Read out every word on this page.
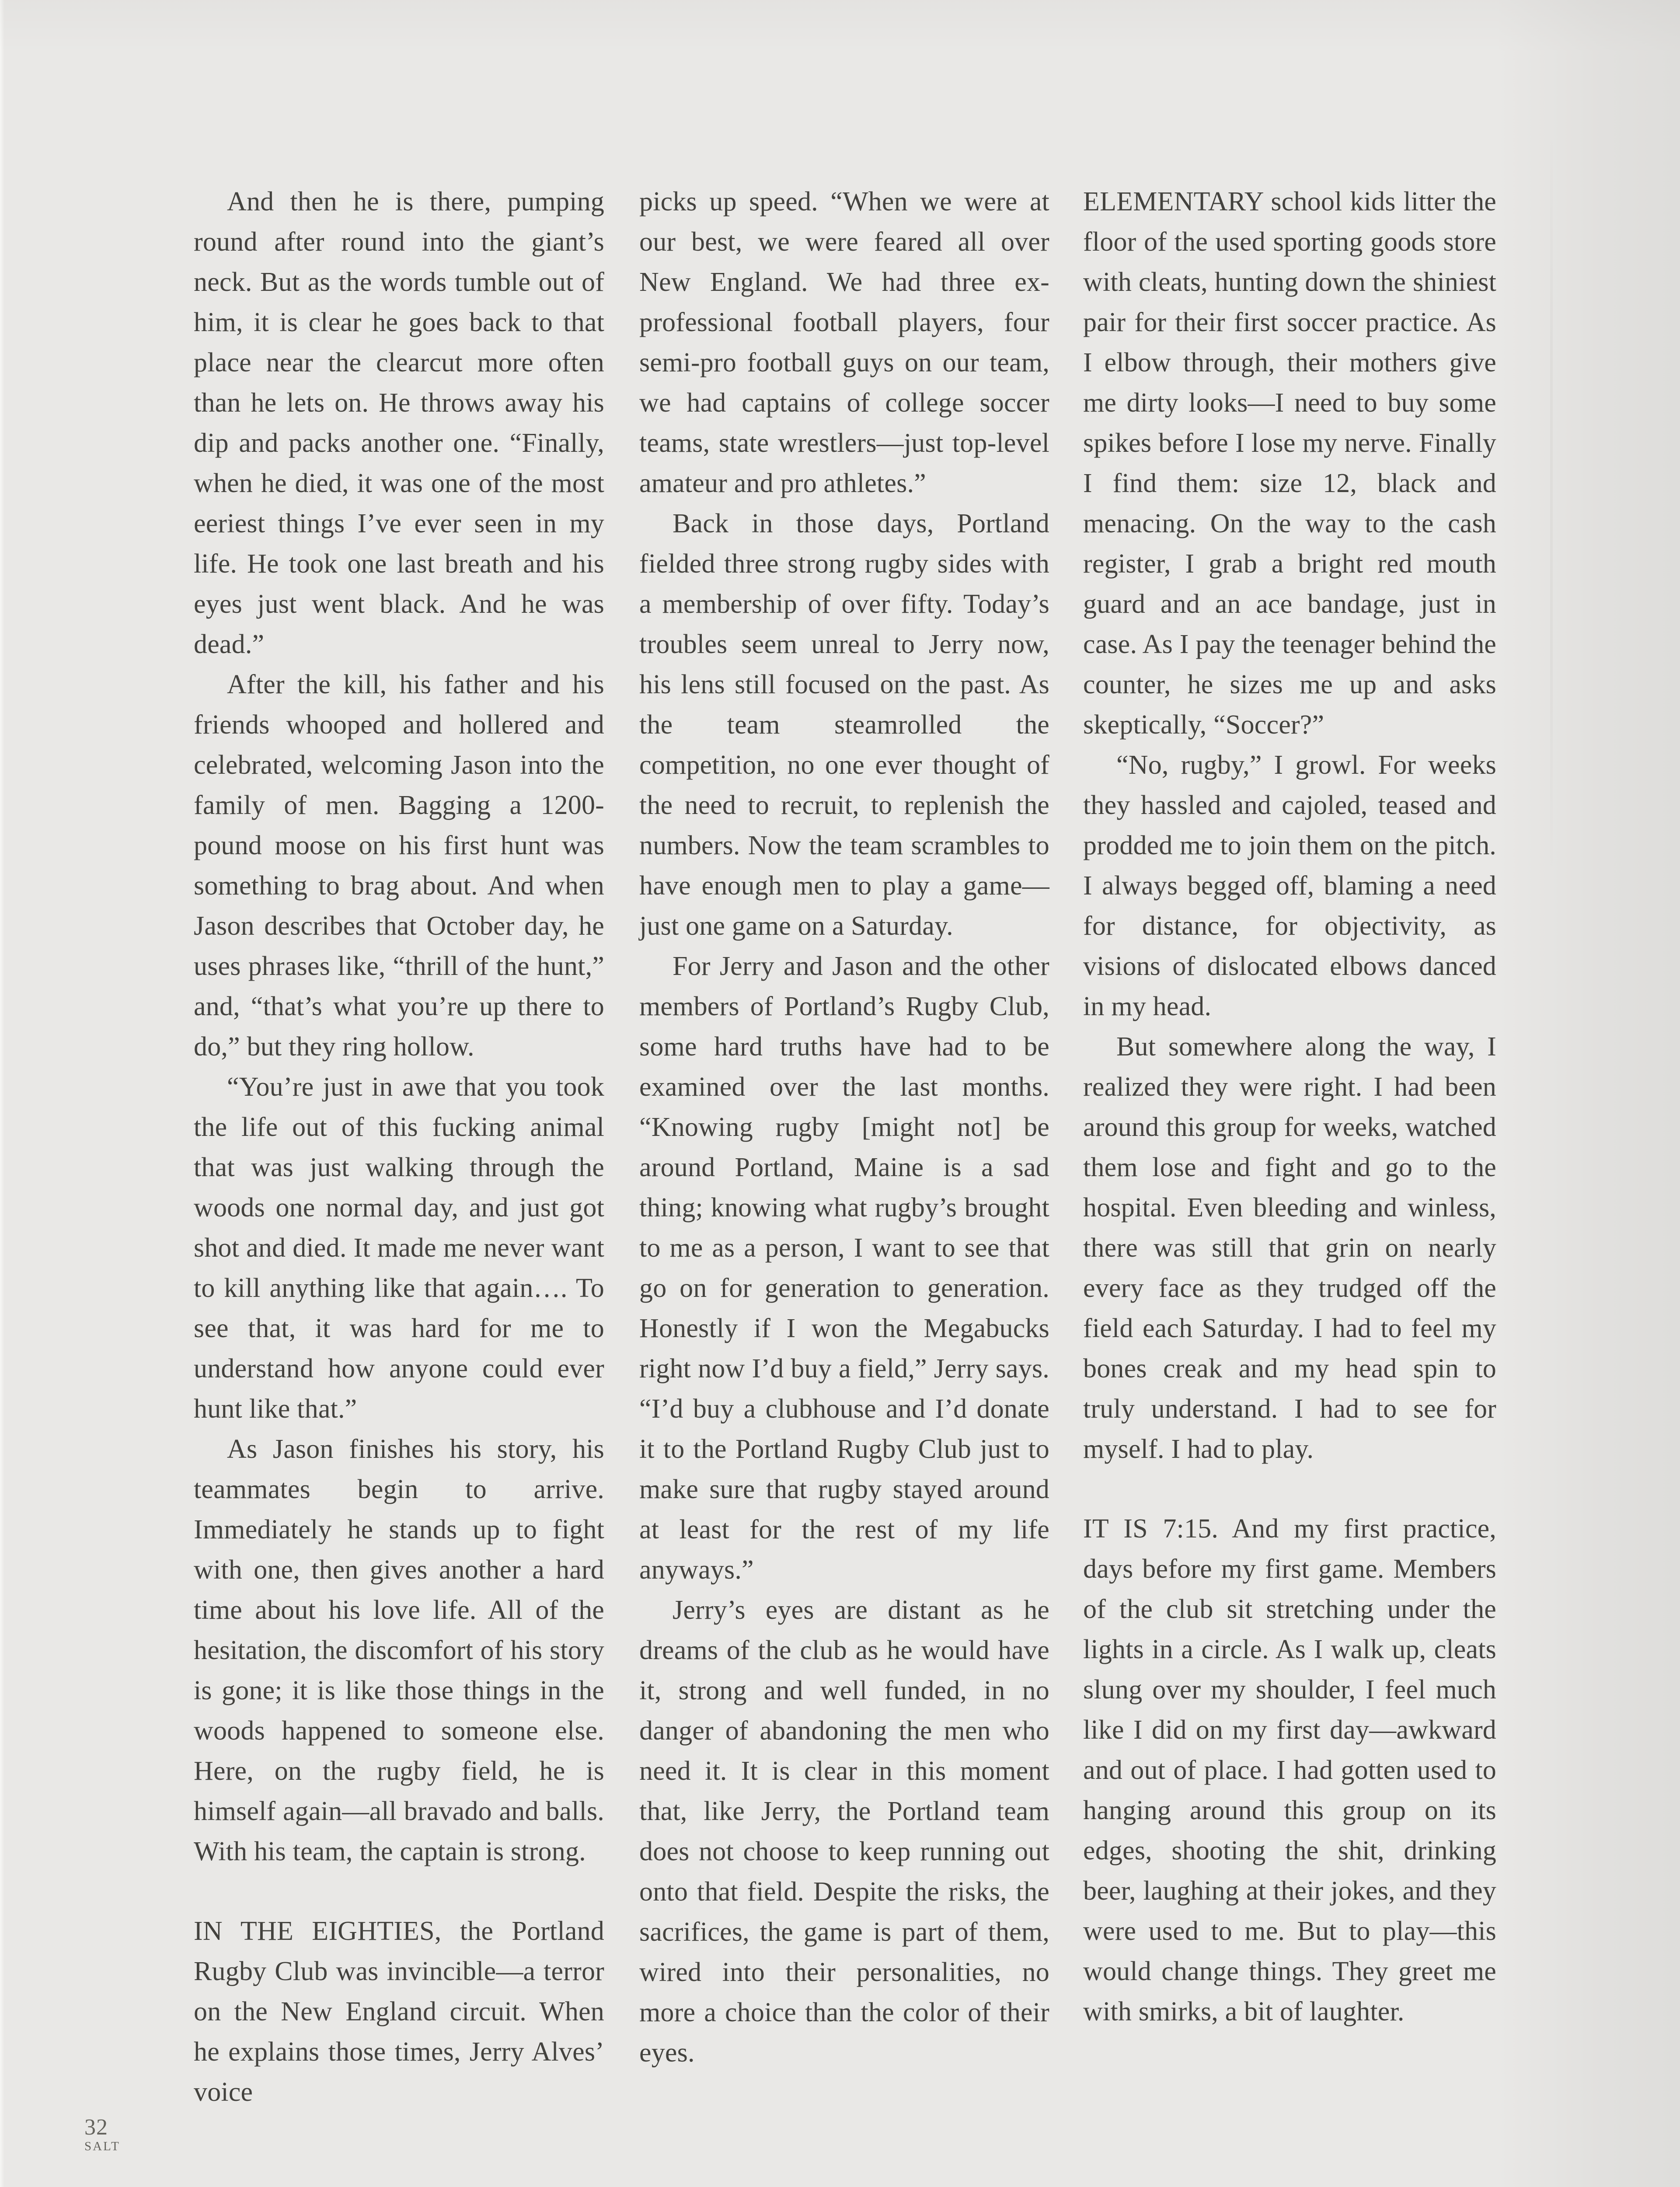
And then he is there, pumping round after round into the giant’s neck. But as the words tumble out of him, it is clear he goes back to that place near the clearcut more often than he lets on. He throws away his dip and packs another one. “Finally, when he died, it was one of the most eeriest things I’ve ever seen in my life. He took one last breath and his eyes just went black. And he was dead.”

After the kill, his father and his friends whooped and hollered and celebrated, welcoming Jason into the family of men. Bagging a 1200-pound moose on his first hunt was something to brag about. And when Jason describes that October day, he uses phrases like, “thrill of the hunt,” and, “that’s what you’re up there to do,” but they ring hollow.

“You’re just in awe that you took the life out of this fucking animal that was just walking through the woods one normal day, and just got shot and died. It made me never want to kill anything like that again…. To see that, it was hard for me to understand how anyone could ever hunt like that.”

As Jason finishes his story, his teammates begin to arrive. Immediately he stands up to fight with one, then gives another a hard time about his love life. All of the hesitation, the discomfort of his story is gone; it is like those things in the woods happened to someone else. Here, on the rugby field, he is himself again—all bravado and balls. With his team, the captain is strong.

IN THE EIGHTIES, the Portland Rugby Club was invincible—a terror on the New England circuit. When he explains those times, Jerry Alves’ voice

picks up speed. “When we were at our best, we were feared all over New England. We had three ex-professional football players, four semi-pro football guys on our team, we had captains of college soccer teams, state wrestlers—just top-level amateur and pro athletes.”

Back in those days, Portland fielded three strong rugby sides with a membership of over fifty. Today’s troubles seem unreal to Jerry now, his lens still focused on the past. As the team steamrolled the competition, no one ever thought of the need to recruit, to replenish the numbers. Now the team scrambles to have enough men to play a game—just one game on a Saturday.

For Jerry and Jason and the other members of Portland’s Rugby Club, some hard truths have had to be examined over the last months. “Knowing rugby [might not] be around Portland, Maine is a sad thing; knowing what rugby’s brought to me as a person, I want to see that go on for generation to generation. Honestly if I won the Megabucks right now I’d buy a field,” Jerry says. “I’d buy a clubhouse and I’d donate it to the Portland Rugby Club just to make sure that rugby stayed around at least for the rest of my life anyways.”

Jerry’s eyes are distant as he dreams of the club as he would have it, strong and well funded, in no danger of abandoning the men who need it. It is clear in this moment that, like Jerry, the Portland team does not choose to keep running out onto that field. Despite the risks, the sacrifices, the game is part of them, wired into their personalities, no more a choice than the color of their eyes.

ELEMENTARY school kids litter the floor of the used sporting goods store with cleats, hunting down the shiniest pair for their first soccer practice. As I elbow through, their mothers give me dirty looks—I need to buy some spikes before I lose my nerve. Finally I find them: size 12, black and menacing. On the way to the cash register, I grab a bright red mouth guard and an ace bandage, just in case. As I pay the teenager behind the counter, he sizes me up and asks skeptically, “Soccer?”

“No, rugby,” I growl. For weeks they hassled and cajoled, teased and prodded me to join them on the pitch. I always begged off, blaming a need for distance, for objectivity, as visions of dislocated elbows danced in my head.

But somewhere along the way, I realized they were right. I had been around this group for weeks, watched them lose and fight and go to the hospital. Even bleeding and winless, there was still that grin on nearly every face as they trudged off the field each Saturday. I had to feel my bones creak and my head spin to truly understand. I had to see for myself. I had to play.

IT IS 7:15. And my first practice, days before my first game. Members of the club sit stretching under the lights in a circle. As I walk up, cleats slung over my shoulder, I feel much like I did on my first day—awkward and out of place. I had gotten used to hanging around this group on its edges, shooting the shit, drinking beer, laughing at their jokes, and they were used to me. But to play—this would change things. They greet me with smirks, a bit of laughter.

32
SALT
